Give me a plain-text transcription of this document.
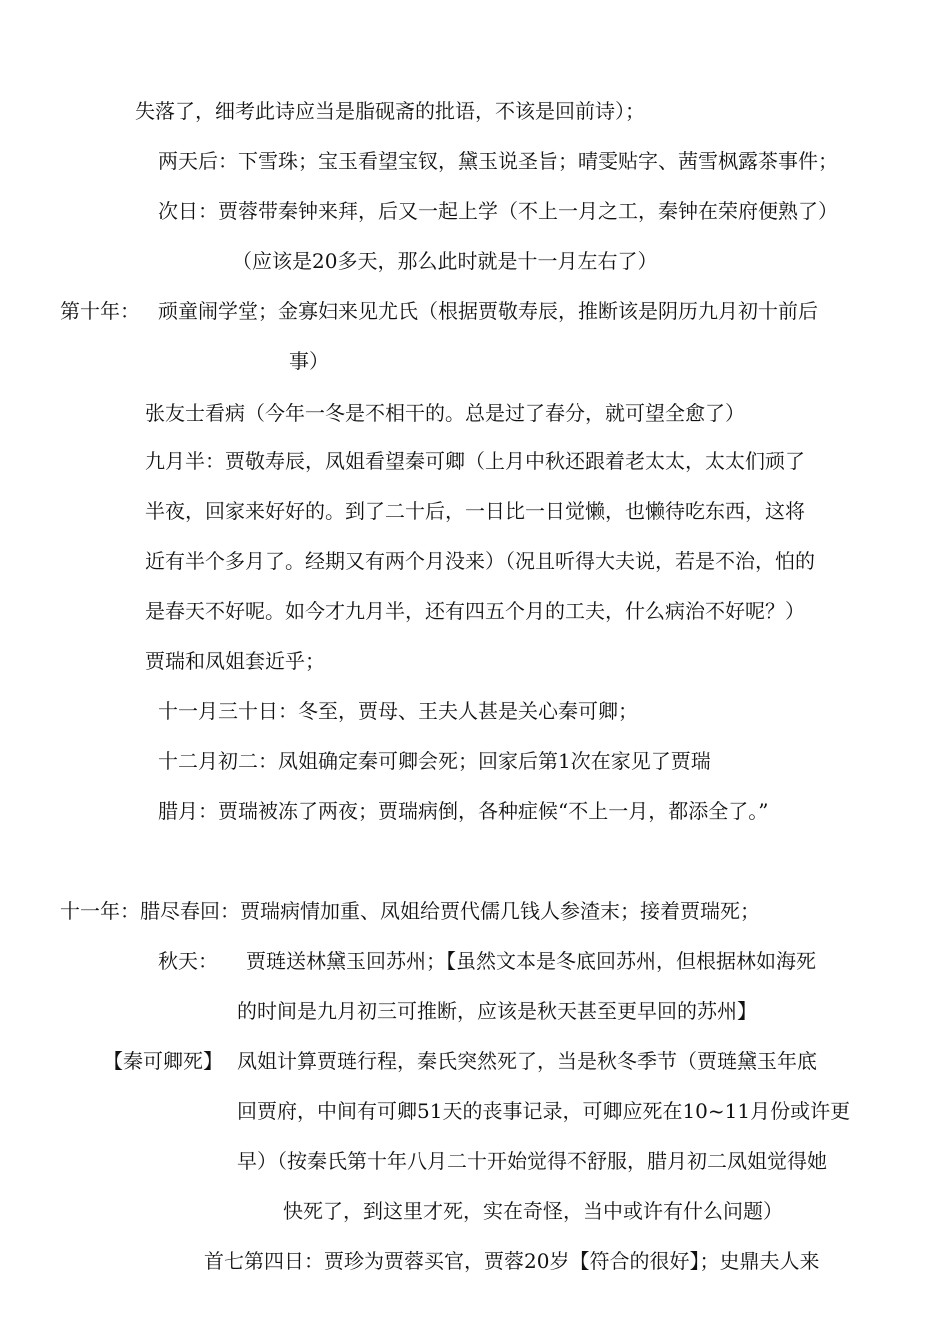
失落了，细考此诗应当是脂砚斋的批语，不该是回前诗）；
两天后：下雪珠；宝玉看望宝钗，黛玉说圣旨；晴雯贴字、茜雪枫露茶事件；
次日：贾蓉带秦钟来拜，后又一起上学（不上一月之工，秦钟在荣府便熟了）
（应该是20多天，那么此时就是十一月左右了）
第十年： 顽童闹学堂；金寡妇来见尤氏（根据贾敬寿辰，推断该是阴历九月初十前后
事）
张友士看病（今年一冬是不相干的。总是过了春分，就可望全愈了）
九月半：贾敬寿辰，凤姐看望秦可卿（上月中秋还跟着老太太，太太们顽了
半夜，回家来好好的。到了二十后，一日比一日觉懒，也懒待吃东西，这将
近有半个多月了。经期又有两个月没来）（况且听得大夫说，若是不治，怕的
是春天不好呢。如今才九月半，还有四五个月的工夫，什么病治不好呢？）
贾瑞和凤姐套近乎；
十一月三十日：冬至，贾母、王夫人甚是关心秦可卿；
十二月初二：凤姐确定秦可卿会死；回家后第1次在家见了贾瑞
腊月：贾瑞被冻了两夜；贾瑞病倒，各种症候“不上一月，都添全了。”
十一年：腊尽春回：贾瑞病情加重、凤姐给贾代儒几钱人参渣末；接着贾瑞死；
秋天： 贾琏送林黛玉回苏州；【虽然文本是冬底回苏州，但根据林如海死
的时间是九月初三可推断，应该是秋天甚至更早回的苏州】
【秦可卿死】 凤姐计算贾琏行程，秦氏突然死了，当是秋冬季节（贾琏黛玉年底
回贾府，中间有可卿51天的丧事记录，可卿应死在10~11月份或许更
早）（按秦氏第十年八月二十开始觉得不舒服，腊月初二凤姐觉得她
快死了，到这里才死，实在奇怪，当中或许有什么问题）
首七第四日：贾珍为贾蓉买官，贾蓉20岁【符合的很好】；史鼎夫人来
